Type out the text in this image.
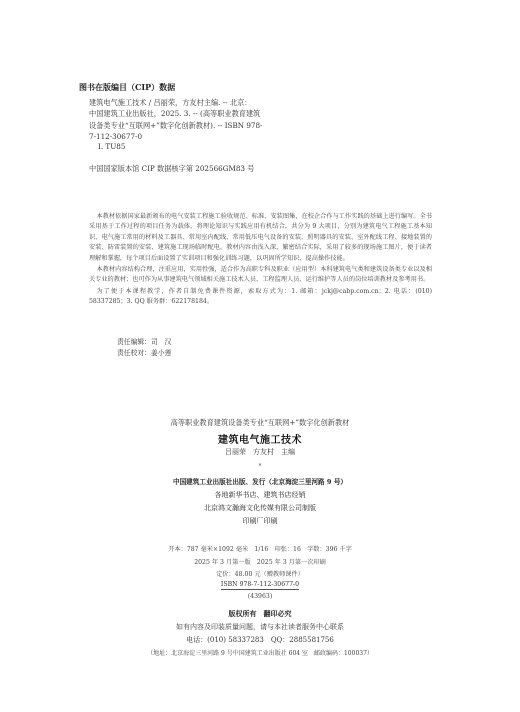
图书在版编目（CIP）数据
建筑电气施工技术 / 吕丽荣，方友村主编. -- 北京：
中国建筑工业出版社，2025. 3. -- (高等职业教育建筑
设备类专业“互联网+”数字化创新教材). -- ISBN 978-
7-112-30677-0
Ⅰ. TU85
中国国家版本馆 CIP 数据核字第 202566GM83 号

本教材依据国家最新颁布的电气安装工程施工验收规范、标准、安装图集，在校企合作与工作实践的基础上进行编写。全书采用基于工作过程的项目任务为载体，将理论知识与实践应用有机结合，共分为 9 大项目，分别为建筑电气工程施工基本知识、电气施工常用的材料及工器具、常用室内配线、常用低压电气设备的安装、照明器具的安装、室外配线工程、接地装置的安装、防雷装置的安装、建筑施工现场临时配电。教材内容由浅入深，繁密结合实际，采用了较多的现场施工图片，便于读者理解和掌握，每个项目后面设置了实训项目和强化训练习题，以巩固所学知识，提高操作技能。

本教材内容结构合理，注重应用，实用性强，适合作为高职专科及职业（应用型）本科建筑电气类和建筑设备类专业以及相关专业的教材；也可作为从事建筑电气领域相关施工技术人员、工程监理人员、运行维护等人员的岗位培训教材及参考用书。

为了便于本课程教学，作者自制免费课件资源，索取方式为：1. 邮箱：jckj@cabp.com.cn；2. 电话：(010) 58337285；3. QQ 服务群：622178184。

责任编辑：司　汉
责任校对：姜小莲
高等职业教育建筑设备类专业“互联网+”数字化创新教材
建筑电气施工技术
吕丽荣　方友村　主编
*
中国建筑工业出版社出版、发行（北京海淀三里河路 9 号）
各地新华书店、建筑书店经销
北京鸿文瀚海文化传媒有限公司制版
印刷厂印刷
开本：787 毫米×1092 毫米　1/16　印张：16　字数：396 千字
2025 年 3 月第一版　2025 年 3 月第一次印刷
定价：48.00 元（赠教师课件）
ISBN 978-7-112-30677-0
(43963)
版权所有　翻印必究
如有内容及印装质量问题，请与本社读者服务中心联系
电话：(010) 58337283　QQ：2885581756
（地址：北京海淀三里河路 9 号中国建筑工业出版社 604 室　邮政编码：100037）
